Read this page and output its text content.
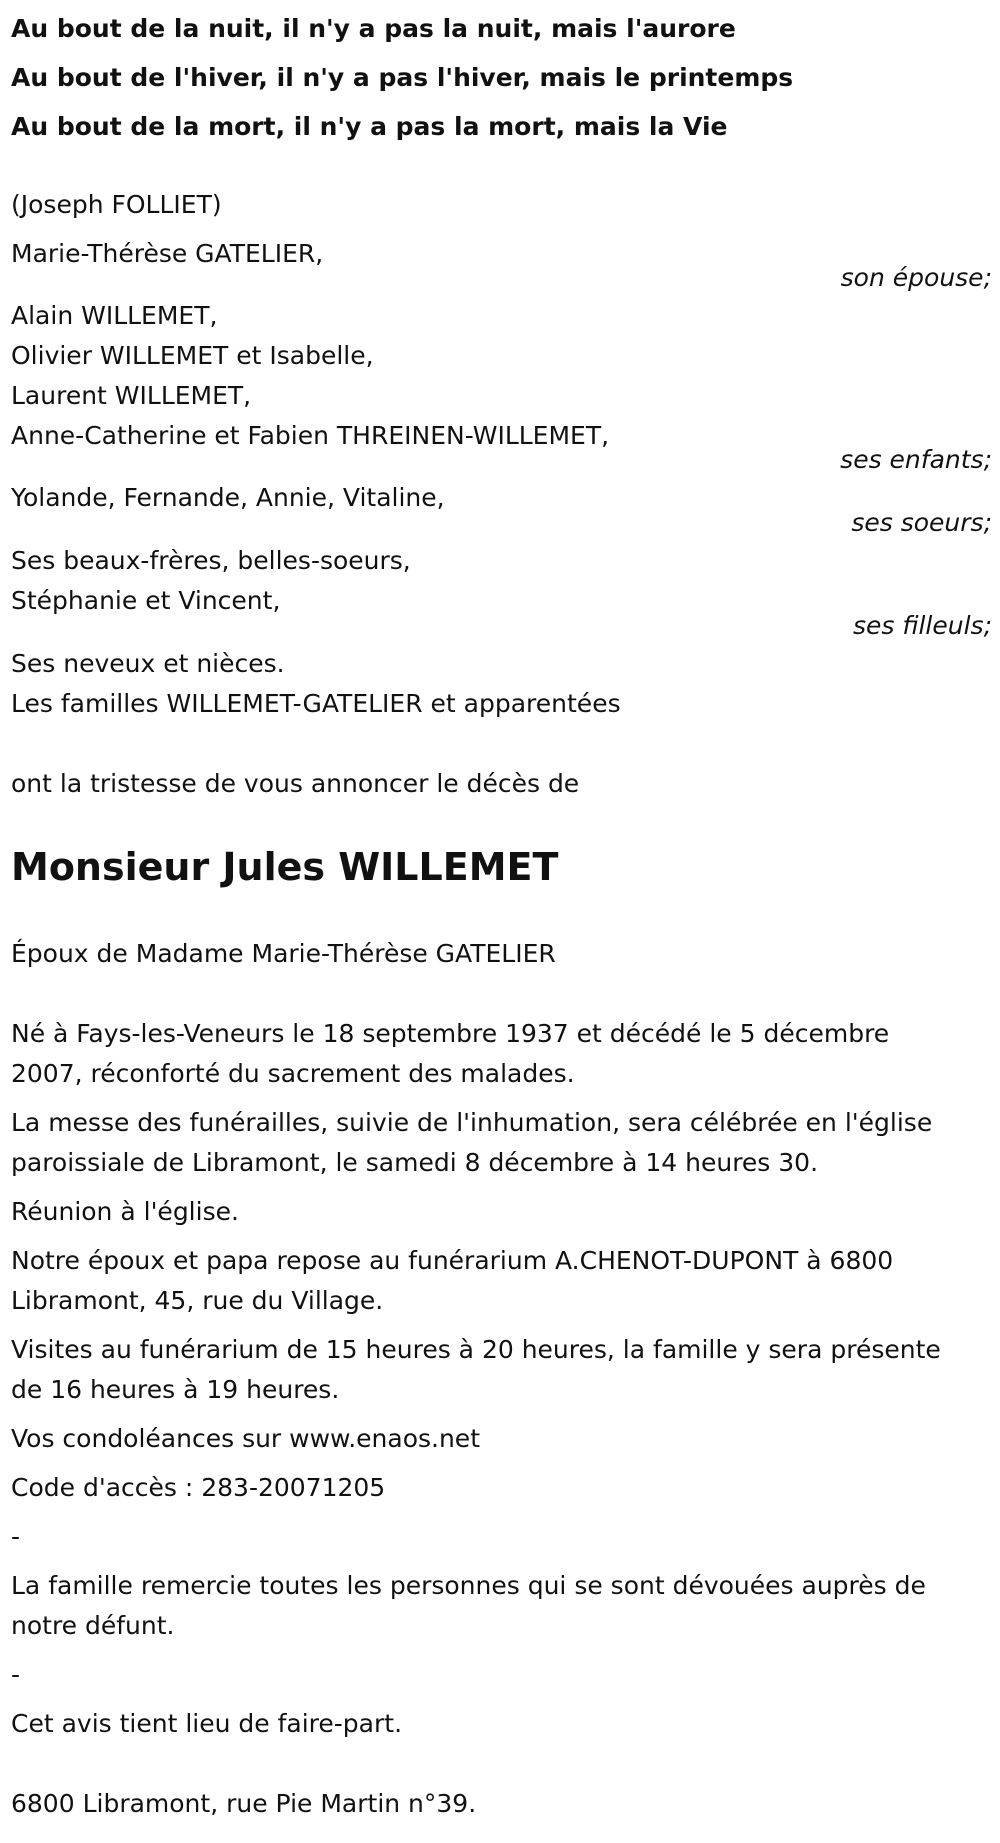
Au bout de la nuit, il n'y a pas la nuit, mais l'aurore
Au bout de l'hiver, il n'y a pas l'hiver, mais le printemps
Au bout de la mort, il n'y a pas la mort, mais la Vie
(Joseph FOLLIET)
Marie-Thérèse GATELIER,
son épouse;
Alain WILLEMET,
Olivier WILLEMET et Isabelle,
Laurent WILLEMET,
Anne-Catherine et Fabien THREINEN-WILLEMET,
ses enfants;
Yolande, Fernande, Annie, Vitaline,
ses soeurs;
Ses beaux-frères, belles-soeurs,
Stéphanie et Vincent,
ses filleuls;
Ses neveux et nièces.
Les familles WILLEMET-GATELIER et apparentées
ont la tristesse de vous annoncer le décès de
Monsieur Jules WILLEMET
Époux de Madame Marie-Thérèse GATELIER
Né à Fays-les-Veneurs le 18 septembre 1937 et décédé le 5 décembre
2007, réconforté du sacrement des malades.
La messe des funérailles, suivie de l'inhumation, sera célébrée en l'église
paroissiale de Libramont, le samedi 8 décembre à 14 heures 30.
Réunion à l'église.
Notre époux et papa repose au funérarium A.CHENOT-DUPONT à 6800
Libramont, 45, rue du Village.
Visites au funérarium de 15 heures à 20 heures, la famille y sera présente
de 16 heures à 19 heures.
Vos condoléances sur www.enaos.net
Code d'accès : 283-20071205
-
La famille remercie toutes les personnes qui se sont dévouées auprès de
notre défunt.
-
Cet avis tient lieu de faire-part.
6800 Libramont, rue Pie Martin n°39.
